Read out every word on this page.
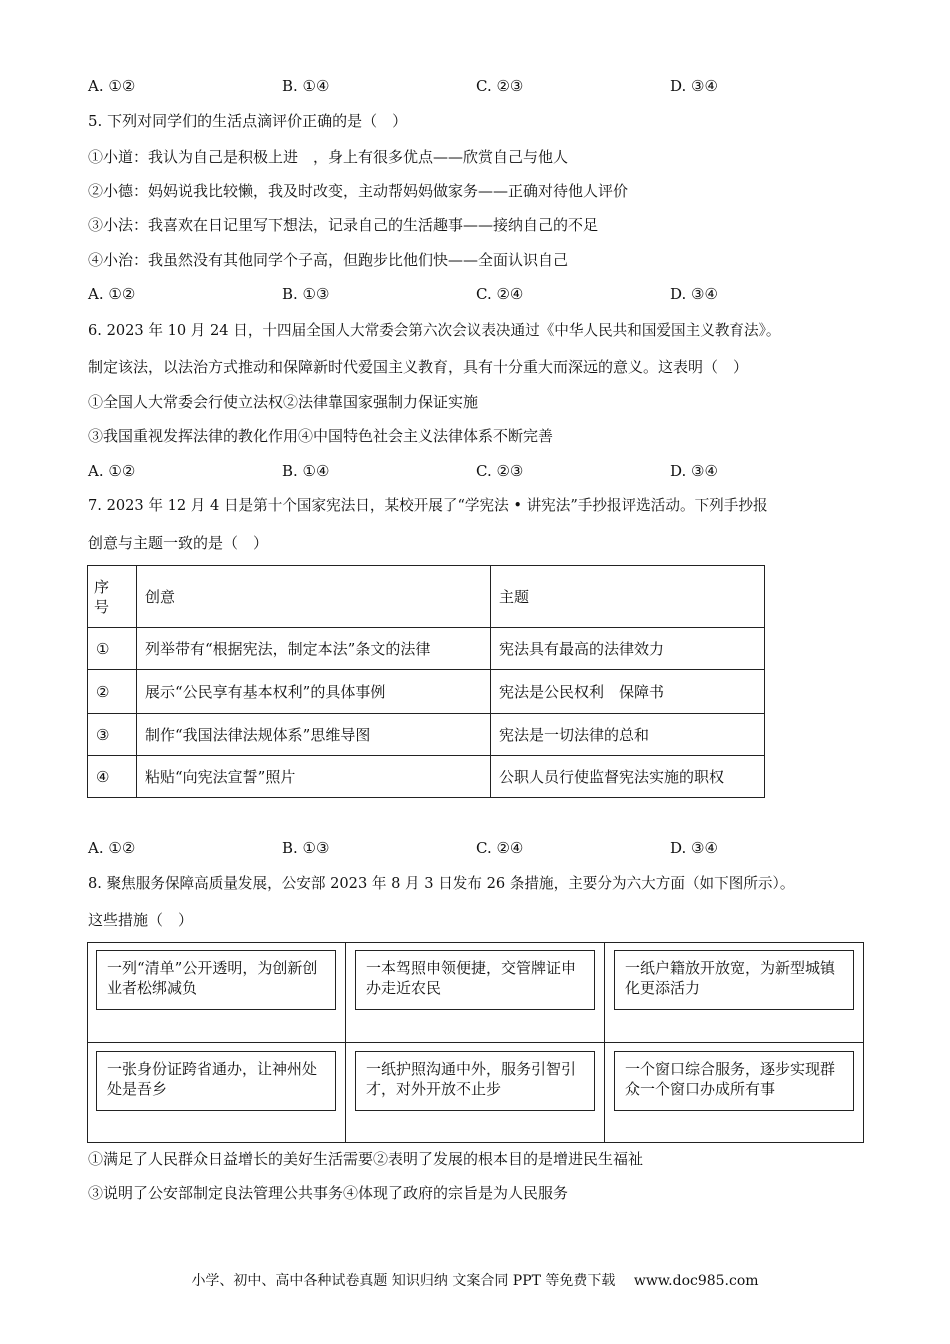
A. ①②	B. ①④	C. ②③	D. ③④
5. 下列对同学们的生活点滴评价正确的是（　）
①小道：我认为自己是积极上进　，身上有很多优点——欣赏自己与他人
②小德：妈妈说我比较懒，我及时改变，主动帮妈妈做家务——正确对待他人评价
③小法：我喜欢在日记里写下想法，记录自己的生活趣事——接纳自己的不足
④小治：我虽然没有其他同学个子高，但跑步比他们快——全面认识自己
A. ①②	B. ①③	C. ②④	D. ③④
6. 2023 年 10 月 24 日，十四届全国人大常委会第六次会议表决通过《中华人民共和国爱国主义教育法》。
制定该法，以法治方式推动和保障新时代爱国主义教育，具有十分重大而深远的意义。这表明（　）
①全国人大常委会行使立法权②法律靠国家强制力保证实施
③我国重视发挥法律的教化作用④中国特色社会主义法律体系不断完善
A. ①②	B. ①④	C. ②③	D. ③④
7. 2023 年 12 月 4 日是第十个国家宪法日，某校开展了“学宪法 • 讲宪法”手抄报评选活动。下列手抄报
创意与主题一致的是（　）
序号	创意	主题
①	列举带有“根据宪法，制定本法”条文的法律	宪法具有最高的法律效力
②	展示“公民享有基本权利”的具体事例	宪法是公民权利　保障书
③	制作“我国法律法规体系”思维导图	宪法是一切法律的总和
④	粘贴“向宪法宣誓”照片	公职人员行使监督宪法实施的职权
A. ①②	B. ①③	C. ②④	D. ③④
8. 聚焦服务保障高质量发展，公安部 2023 年 8 月 3 日发布 26 条措施，主要分为六大方面（如下图所示）。
这些措施（　）
一列“清单”公开透明，为创新创业者松绑减负
一本驾照申领便捷，交管牌证申办走近农民
一纸户籍放开放宽，为新型城镇化更添活力
一张身份证跨省通办，让神州处处是吾乡
一纸护照沟通中外，服务引智引才，对外开放不止步
一个窗口综合服务，逐步实现群众一个窗口办成所有事
①满足了人民群众日益增长的美好生活需要②表明了发展的根本目的是增进民生福祉
③说明了公安部制定良法管理公共事务④体现了政府的宗旨是为人民服务
小学、初中、高中各种试卷真题 知识归纳 文案合同 PPT 等免费下载　 www.doc985.com
